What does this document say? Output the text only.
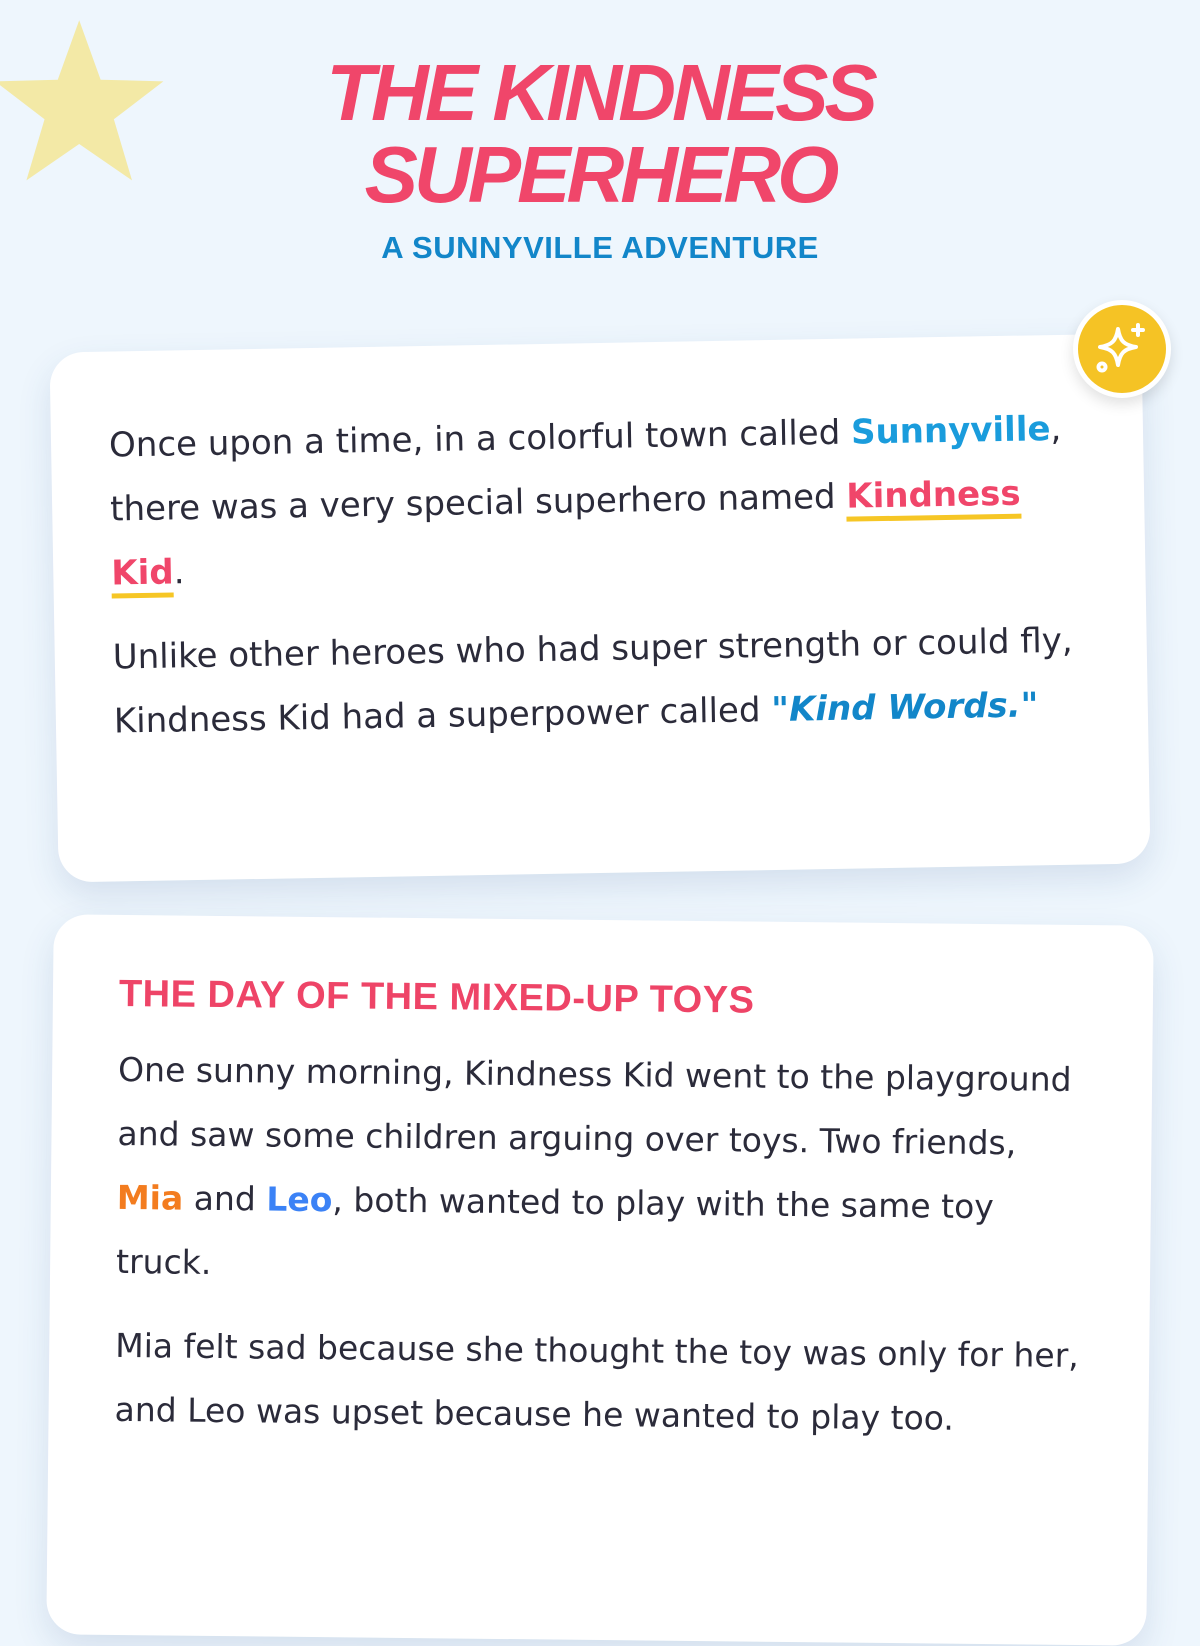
THE KINDNESS
SUPERHERO
A SUNNYVILLE ADVENTURE

Once upon a time, in a colorful town called Sunnyville, there was a very special superhero named Kindness Kid.

Unlike other heroes who had super strength or could fly, Kindness Kid had a superpower called "Kind Words."

THE DAY OF THE MIXED-UP TOYS

One sunny morning, Kindness Kid went to the playground and saw some children arguing over toys. Two friends, Mia and Leo, both wanted to play with the same toy truck.

Mia felt sad because she thought the toy was only for her, and Leo was upset because he wanted to play too.
